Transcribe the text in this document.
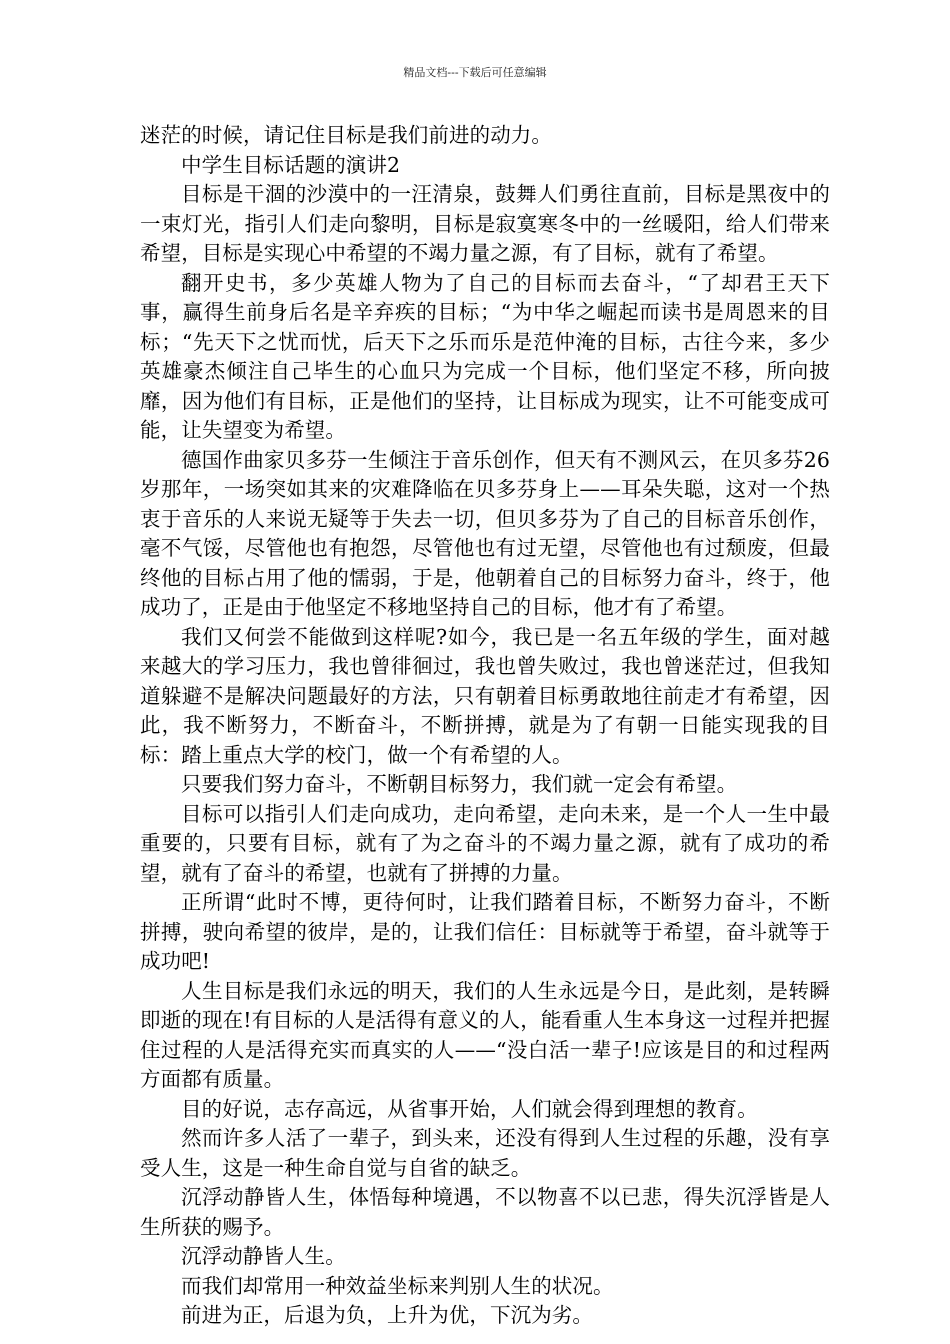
精品文档---下载后可任意编辑

迷茫的时候，请记住目标是我们前进的动力。

中学生目标话题的演讲2

目标是干涸的沙漠中的一汪清泉，鼓舞人们勇往直前，目标是黑夜中的一束灯光，指引人们走向黎明，目标是寂寞寒冬中的一丝暖阳，给人们带来希望，目标是实现心中希望的不竭力量之源，有了目标，就有了希望。

翻开史书，多少英雄人物为了自己的目标而去奋斗，“了却君王天下事，赢得生前身后名是辛弃疾的目标；“为中华之崛起而读书是周恩来的目标；“先天下之忧而忧，后天下之乐而乐是范仲淹的目标，古往今来，多少英雄豪杰倾注自己毕生的心血只为完成一个目标，他们坚定不移，所向披靡，因为他们有目标，正是他们的坚持，让目标成为现实，让不可能变成可能，让失望变为希望。

德国作曲家贝多芬一生倾注于音乐创作，但天有不测风云，在贝多芬26岁那年，一场突如其来的灾难降临在贝多芬身上——耳朵失聪，这对一个热衷于音乐的人来说无疑等于失去一切，但贝多芬为了自己的目标音乐创作，毫不气馁，尽管他也有抱怨，尽管他也有过无望，尽管他也有过颓废，但最终他的目标占用了他的懦弱，于是，他朝着自己的目标努力奋斗，终于，他成功了，正是由于他坚定不移地坚持自己的目标，他才有了希望。

我们又何尝不能做到这样呢?如今，我已是一名五年级的学生，面对越来越大的学习压力，我也曾徘徊过，我也曾失败过，我也曾迷茫过，但我知道躲避不是解决问题最好的方法，只有朝着目标勇敢地往前走才有希望，因此，我不断努力，不断奋斗，不断拼搏，就是为了有朝一日能实现我的目标：踏上重点大学的校门，做一个有希望的人。

只要我们努力奋斗，不断朝目标努力，我们就一定会有希望。

目标可以指引人们走向成功，走向希望，走向未来，是一个人一生中最重要的，只要有目标，就有了为之奋斗的不竭力量之源，就有了成功的希望，就有了奋斗的希望，也就有了拼搏的力量。

正所谓“此时不博，更待何时，让我们踏着目标，不断努力奋斗，不断拼搏，驶向希望的彼岸，是的，让我们信任：目标就等于希望，奋斗就等于成功吧!

人生目标是我们永远的明天，我们的人生永远是今日，是此刻，是转瞬即逝的现在!有目标的人是活得有意义的人，能看重人生本身这一过程并把握住过程的人是活得充实而真实的人——“没白活一辈子!应该是目的和过程两方面都有质量。

目的好说，志存高远，从省事开始，人们就会得到理想的教育。

然而许多人活了一辈子，到头来，还没有得到人生过程的乐趣，没有享受人生，这是一种生命自觉与自省的缺乏。

沉浮动静皆人生，体悟每种境遇，不以物喜不以已悲，得失沉浮皆是人生所获的赐予。

沉浮动静皆人生。

而我们却常用一种效益坐标来判别人生的状况。

前进为正，后退为负，上升为优，下沉为劣。
